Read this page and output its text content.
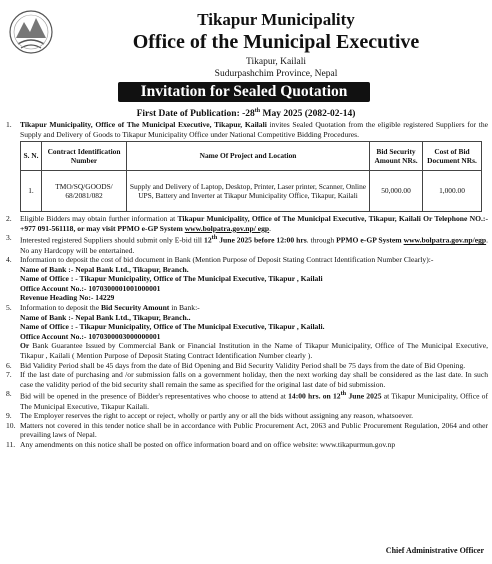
Tikapur Municipality
Office of the Municipal Executive
Tikapur, Kailali
Sudurpashchim Province, Nepal
Invitation for Sealed Quotation
First Date of Publication: -28th May 2025 (2082-02-14)
1. Tikapur Municipality, Office of The Municipal Executive, Tikapur, Kailali invites Sealed Quotation from the eligible registered Suppliers for the Supply and Delivery of Goods to Tikapur Municipality Office under National Competitive Bidding Procedures.
S. N.	Contract Identification Number	Name Of Project and Location	Bid Security Amount NRs.	Cost of Bid Document NRs.
1.	TMO/SQ/GOODS/ 68/2081/082	Supply and Delivery of Laptop, Desktop, Printer, Laser printer, Scanner, Online UPS, Battery and Inverter at Tikapur Municipality Office, Tikapur, Kailali	50,000.00	1,000.00
2. Eligible Bidders may obtain further information at Tikapur Municipality, Office of The Municipal Executive, Tikapur, Kailali Or Telephone NO.:- +977 091-561118, or may visit PPMO e-GP System www.bolpatra.gov.np/ egp.
3. Interested registered Suppliers should submit only E-bid till 12th June 2025 before 12:00 hrs. through PPMO e-GP System www.bolpatra.gov.np/egp. No any Hardcopy will be entertained.
4. Information to deposit the cost of bid document in Bank (Mention Purpose of Deposit Stating Contract Identification Number Clearly):-
Name of Bank :- Nepal Bank Ltd., Tikapur, Branch.
Name of Office : - Tikapur Municipality, Office of The Municipal Executive, Tikapur , Kailali
Office Account No.:- 1070300001001000001
Revenue Heading No:- 14229
5. Information to deposit the Bid Security Amount in Bank:-
Name of Bank :- Nepal Bank Ltd., Tikapur, Branch..
Name of Office : - Tikapur Municipality, Office of The Municipal Executive, Tikapur , Kailali.
Office Account No.:- 1070300003000000001
Or Bank Guarantee Issued by Commercial Bank or Financial Institution in the Name of Tikapur Municipality, Office of The Municipal Executive, Tikapur , Kailali ( Mention Purpose of Deposit Stating Contract Identification Number clearly ).
6. Bid Validity Period shall be 45 days from the date of Bid Opening and Bid Security Validity Period shall be 75 days from the date of Bid Opening.
7. If the last date of purchasing and /or submission falls on a government holiday, then the next working day shall be considered as the last date. In such case the validity period of the bid security shall remain the same as specified for the original last date of bid submission.
8. Bid will be opened in the presence of Bidder's representatives who choose to attend at 14:00 hrs. on 12th June 2025 at Tikapur Municipality, Office of The Municipal Executive, Tikapur Kailali.
9. The Employer reserves the right to accept or reject, wholly or partly any or all the bids without assigning any reason, whatsoever.
10. Matters not covered in this tender notice shall be in accordance with Public Procurement Act, 2063 and Public Procurement Regulation, 2064 and other prevailing laws of Nepal.
11. Any amendments on this notice shall be posted on office information board and on office website: www.tikapurmun.gov.np
Chief Administrative Officer
